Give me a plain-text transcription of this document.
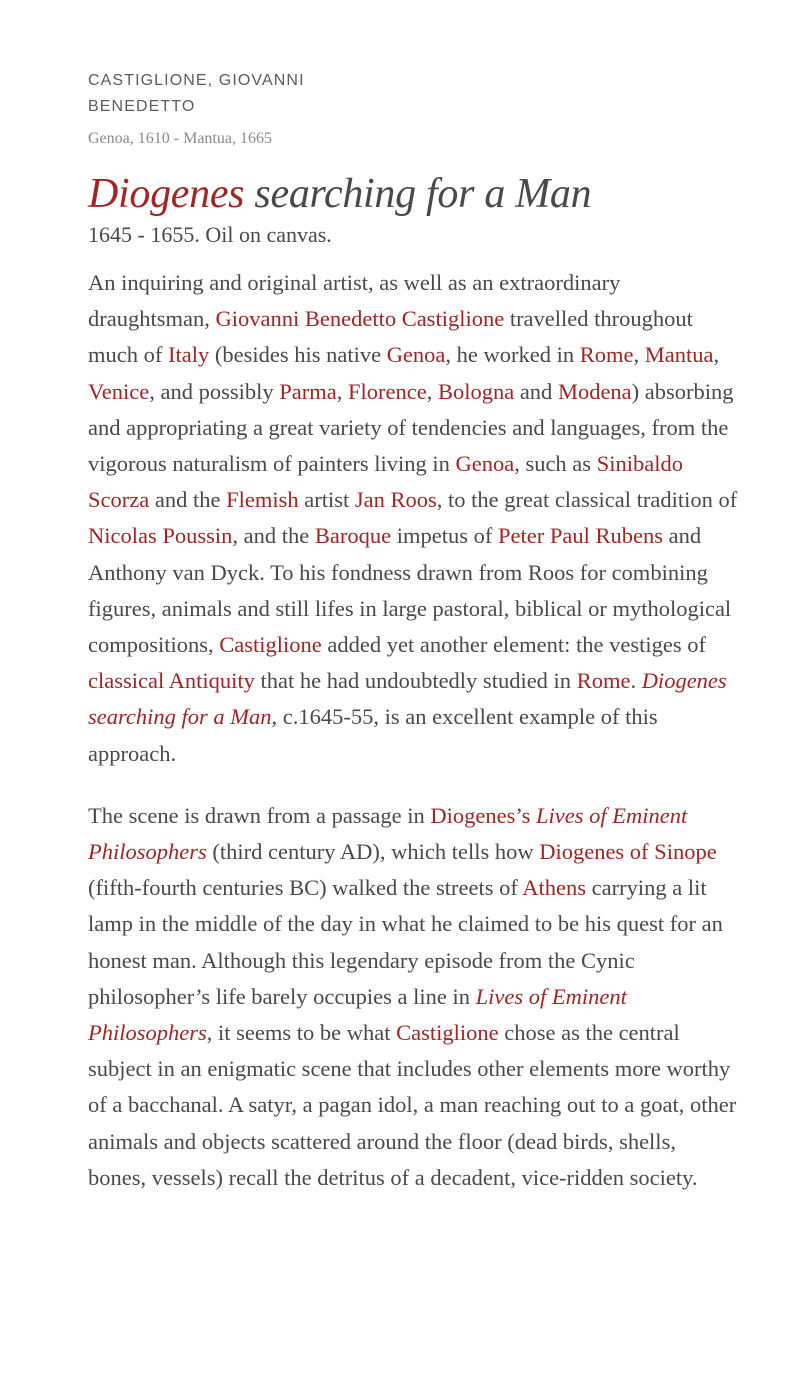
CASTIGLIONE, GIOVANNI
BENEDETTO
Genoa, 1610 - Mantua, 1665
Diogenes searching for a Man
1645 - 1655. Oil on canvas.

An inquiring and original artist, as well as an extraordinary draughtsman, Giovanni Benedetto Castiglione travelled throughout much of Italy (besides his native Genoa, he worked in Rome, Mantua, Venice, and possibly Parma, Florence, Bologna and Modena) absorbing and appropriating a great variety of tendencies and languages, from the vigorous naturalism of painters living in Genoa, such as Sinibaldo Scorza and the Flemish artist Jan Roos, to the great classical tradition of Nicolas Poussin, and the Baroque impetus of Peter Paul Rubens and Anthony van Dyck. To his fondness drawn from Roos for combining figures, animals and still lifes in large pastoral, biblical or mythological compositions, Castiglione added yet another element: the vestiges of classical Antiquity that he had undoubtedly studied in Rome. Diogenes searching for a Man, c.1645-55, is an excellent example of this approach.

The scene is drawn from a passage in Diogenes’s Lives of Eminent Philosophers (third century AD), which tells how Diogenes of Sinope (fifth-fourth centuries BC) walked the streets of Athens carrying a lit lamp in the middle of the day in what he claimed to be his quest for an honest man. Although this legendary episode from the Cynic philosopher’s life barely occupies a line in Lives of Eminent Philosophers, it seems to be what Castiglione chose as the central subject in an enigmatic scene that includes other elements more worthy of a bacchanal. A satyr, a pagan idol, a man reaching out to a goat, other animals and objects scattered around the floor (dead birds, shells, bones, vessels) recall the detritus of a decadent, vice-ridden society.
